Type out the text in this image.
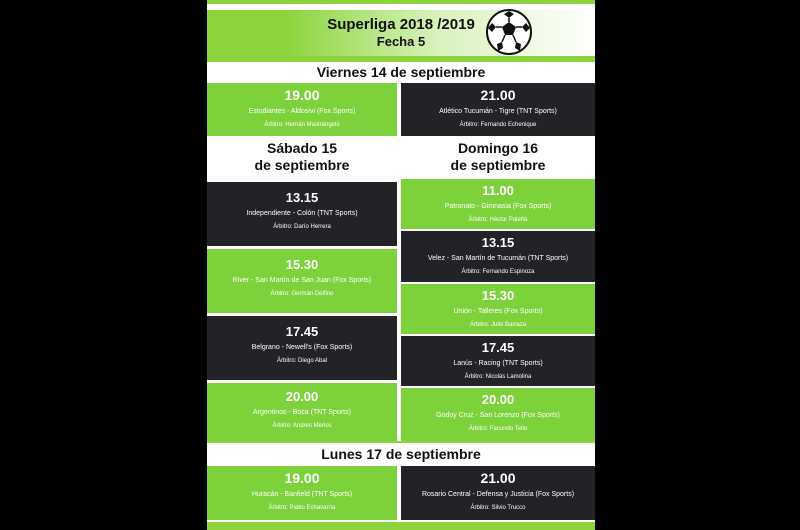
Superliga 2018 /2019
Fecha 5
Viernes 14 de septiembre
19.00
Estudiantes - Aldosivi (Fox Sports)
Árbitro: Hernán Mastrángelo
21.00
Atlético Tucumán - Tigre (TNT Sports)
Árbitro: Fernando Echenique
Sábado 15
de septiembre
Domingo 16
de septiembre
13.15
Independiente - Colón (TNT Sports)
Árbitro: Darío Herrera
15.30
River - San Martín de San Juan (Fox Sports)
Árbitro: Germán Delfino
17.45
Belgrano - Newell's (Fox Sports)
Árbitro: Diego Abal
20.00
Argentinos - Boca (TNT Sports)
Árbitro: Andrés Merlos
11.00
Patronato - Gimnasia (Fox Sports)
Árbitro: Héctor Paletta
13.15
Velez - San Martín de Tucumán (TNT Sports)
Árbitro: Fernando Espinoza
15.30
Unión - Talleres (Fox Sports)
Árbitro: Julio Barraza
17.45
Lanús - Racing (TNT Sports)
Árbitro: Nicolás Lamolina
20.00
Godoy Cruz - San Lorenzo (Fox Sports)
Árbitro: Facundo Tello
Lunes 17 de septiembre
19.00
Huracán - Banfield (TNT Sports)
Árbitro: Pablo Echavarría
21.00
Rosario Central - Defensa y Justicia (Fox Sports)
Árbitro: Silvio Trucco
